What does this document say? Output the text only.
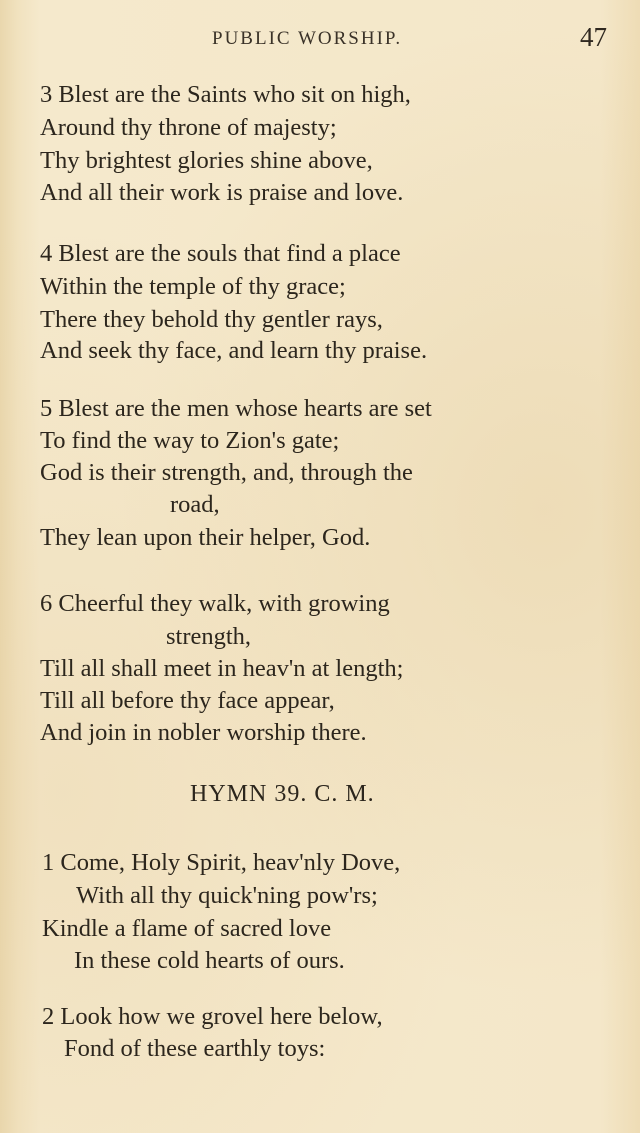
PUBLIC WORSHIP.	47
3 Blest are the Saints who sit on high,
Around thy throne of majesty;
Thy brightest glories shine above,
And all their work is praise and love.
4 Blest are the souls that find a place
Within the temple of thy grace;
There they behold thy gentler rays,
And seek thy face, and learn thy praise.
5 Blest are the men whose hearts are set
To find the way to Zion's gate;
God is their strength, and, through the
road,
They lean upon their helper, God.
6 Cheerful they walk, with growing
strength,
Till all shall meet in heav'n at length;
Till all before thy face appear,
And join in nobler worship there.
HYMN 39. C. M.
1 Come, Holy Spirit, heav'nly Dove,
With all thy quick'ning pow'rs;
Kindle a flame of sacred love
In these cold hearts of ours.
2 Look how we grovel here below,
Fond of these earthly toys:
